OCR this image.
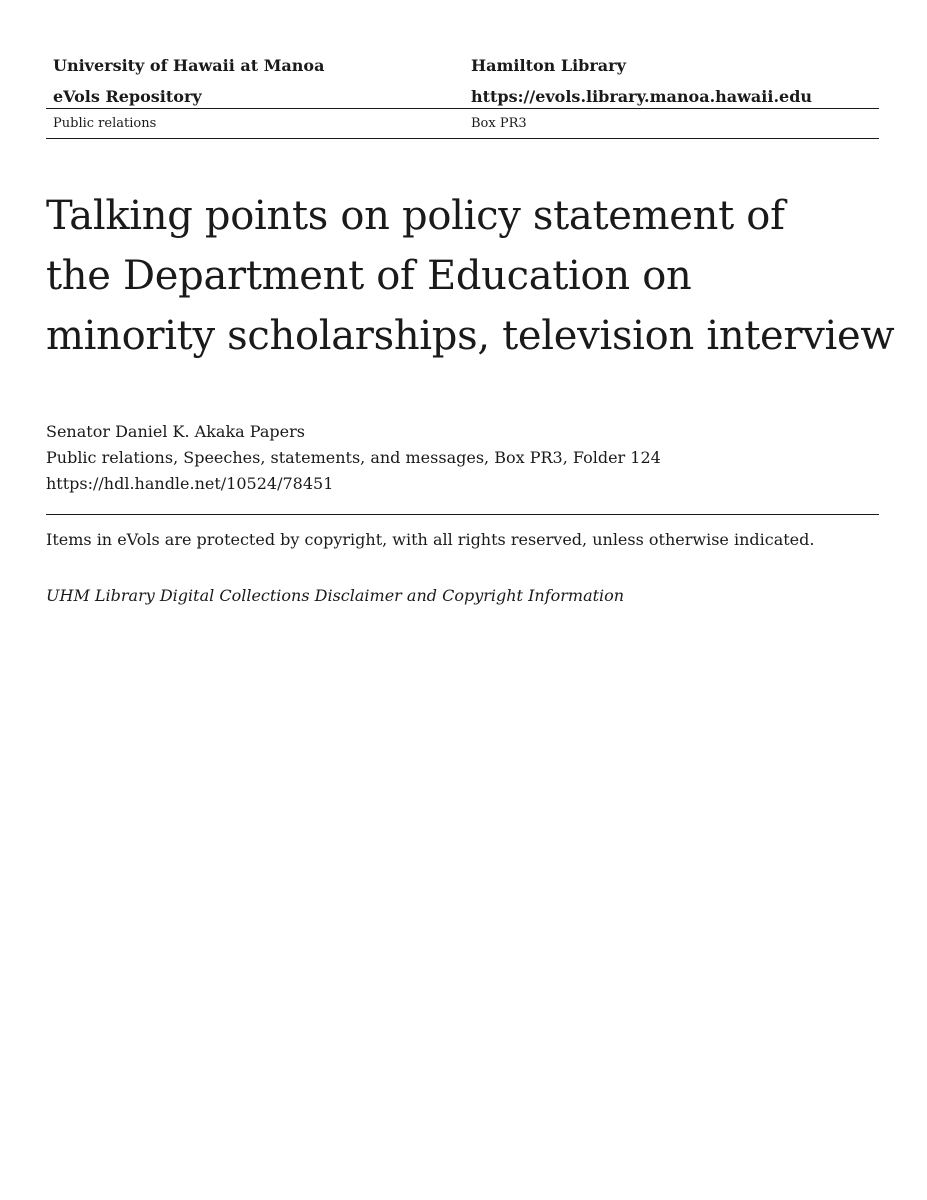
University of Hawaii at Manoa	Hamilton Library
eVols Repository	https://evols.library.manoa.hawaii.edu
Public relations	Box PR3
Talking points on policy statement of
the Department of Education on
minority scholarships, television interview
Senator Daniel K. Akaka Papers
Public relations, Speeches, statements, and messages, Box PR3, Folder 124
https://hdl.handle.net/10524/78451
Items in eVols are protected by copyright, with all rights reserved, unless otherwise indicated.
UHM Library Digital Collections Disclaimer and Copyright Information
